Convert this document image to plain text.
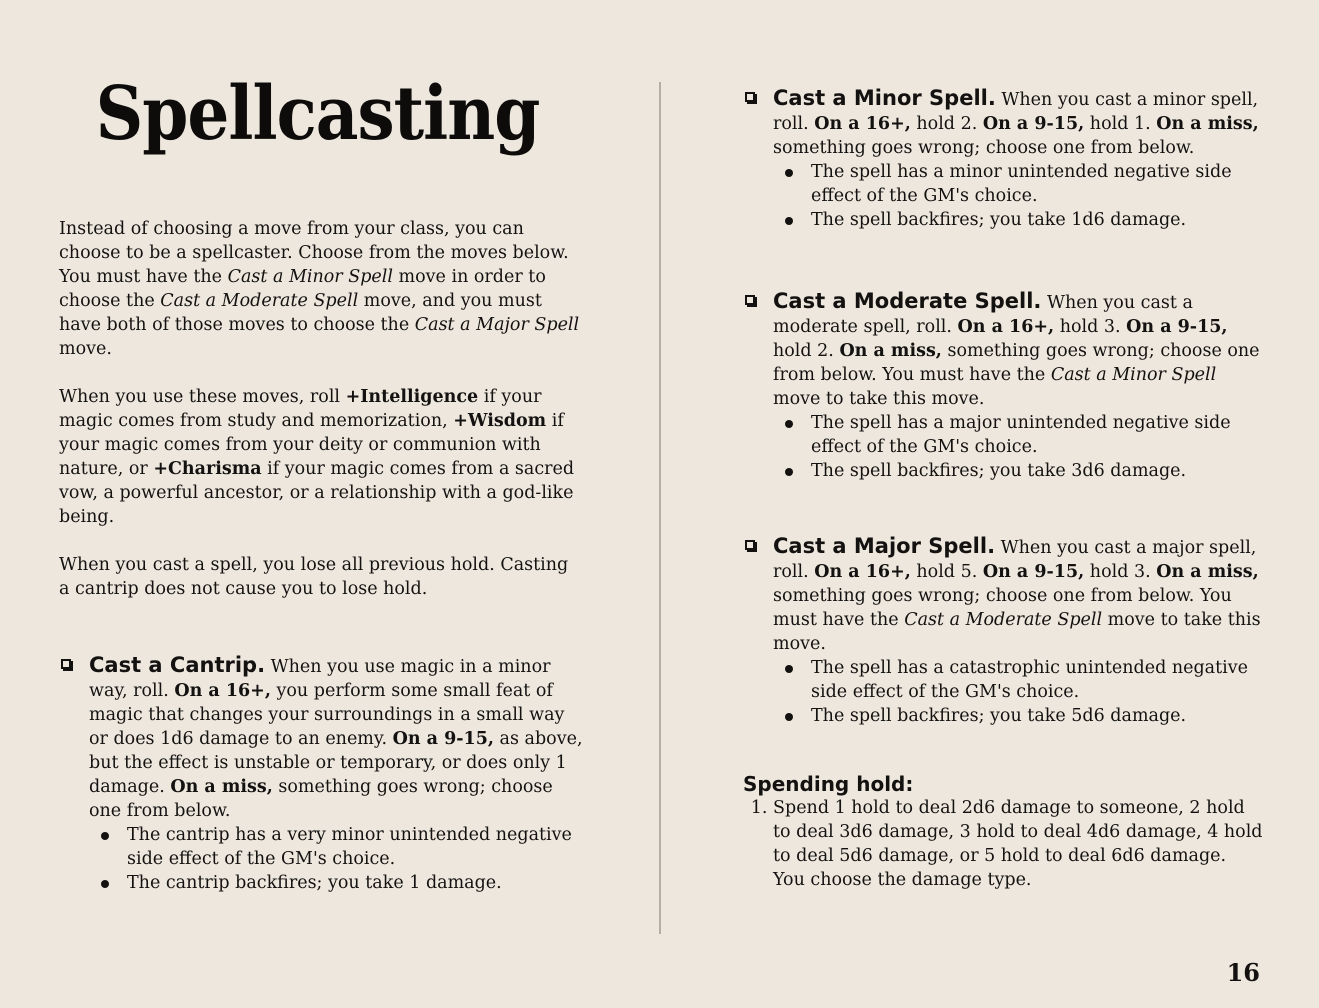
Spellcasting

Instead of choosing a move from your class, you can choose to be a spellcaster. Choose from the moves below. You must have the Cast a Minor Spell move in order to choose the Cast a Moderate Spell move, and you must have both of those moves to choose the Cast a Major Spell move.

When you use these moves, roll +Intelligence if your magic comes from study and memorization, +Wisdom if your magic comes from your deity or communion with nature, or +Charisma if your magic comes from a sacred vow, a powerful ancestor, or a relationship with a god-like being.

When you cast a spell, you lose all previous hold. Casting a cantrip does not cause you to lose hold.

Cast a Cantrip. When you use magic in a minor way, roll. On a 16+, you perform some small feat of magic that changes your surroundings in a small way or does 1d6 damage to an enemy. On a 9-15, as above, but the effect is unstable or temporary, or does only 1 damage. On a miss, something goes wrong; choose one from below.

The cantrip has a very minor unintended negative side effect of the GM's choice.
The cantrip backfires; you take 1 damage.

Cast a Minor Spell. When you cast a minor spell, roll. On a 16+, hold 2. On a 9-15, hold 1. On a miss, something goes wrong; choose one from below.

The spell has a minor unintended negative side effect of the GM's choice.
The spell backfires; you take 1d6 damage.

Cast a Moderate Spell. When you cast a moderate spell, roll. On a 16+, hold 3. On a 9-15, hold 2. On a miss, something goes wrong; choose one from below. You must have the Cast a Minor Spell move to take this move.

The spell has a major unintended negative side effect of the GM's choice.
The spell backfires; you take 3d6 damage.

Cast a Major Spell. When you cast a major spell, roll. On a 16+, hold 5. On a 9-15, hold 3. On a miss, something goes wrong; choose one from below. You must have the Cast a Moderate Spell move to take this move.

The spell has a catastrophic unintended negative side effect of the GM's choice.
The spell backfires; you take 5d6 damage.
Spending hold:
1. Spend 1 hold to deal 2d6 damage to someone, 2 hold to deal 3d6 damage, 3 hold to deal 4d6 damage, 4 hold to deal 5d6 damage, or 5 hold to deal 6d6 damage. You choose the damage type.
16
